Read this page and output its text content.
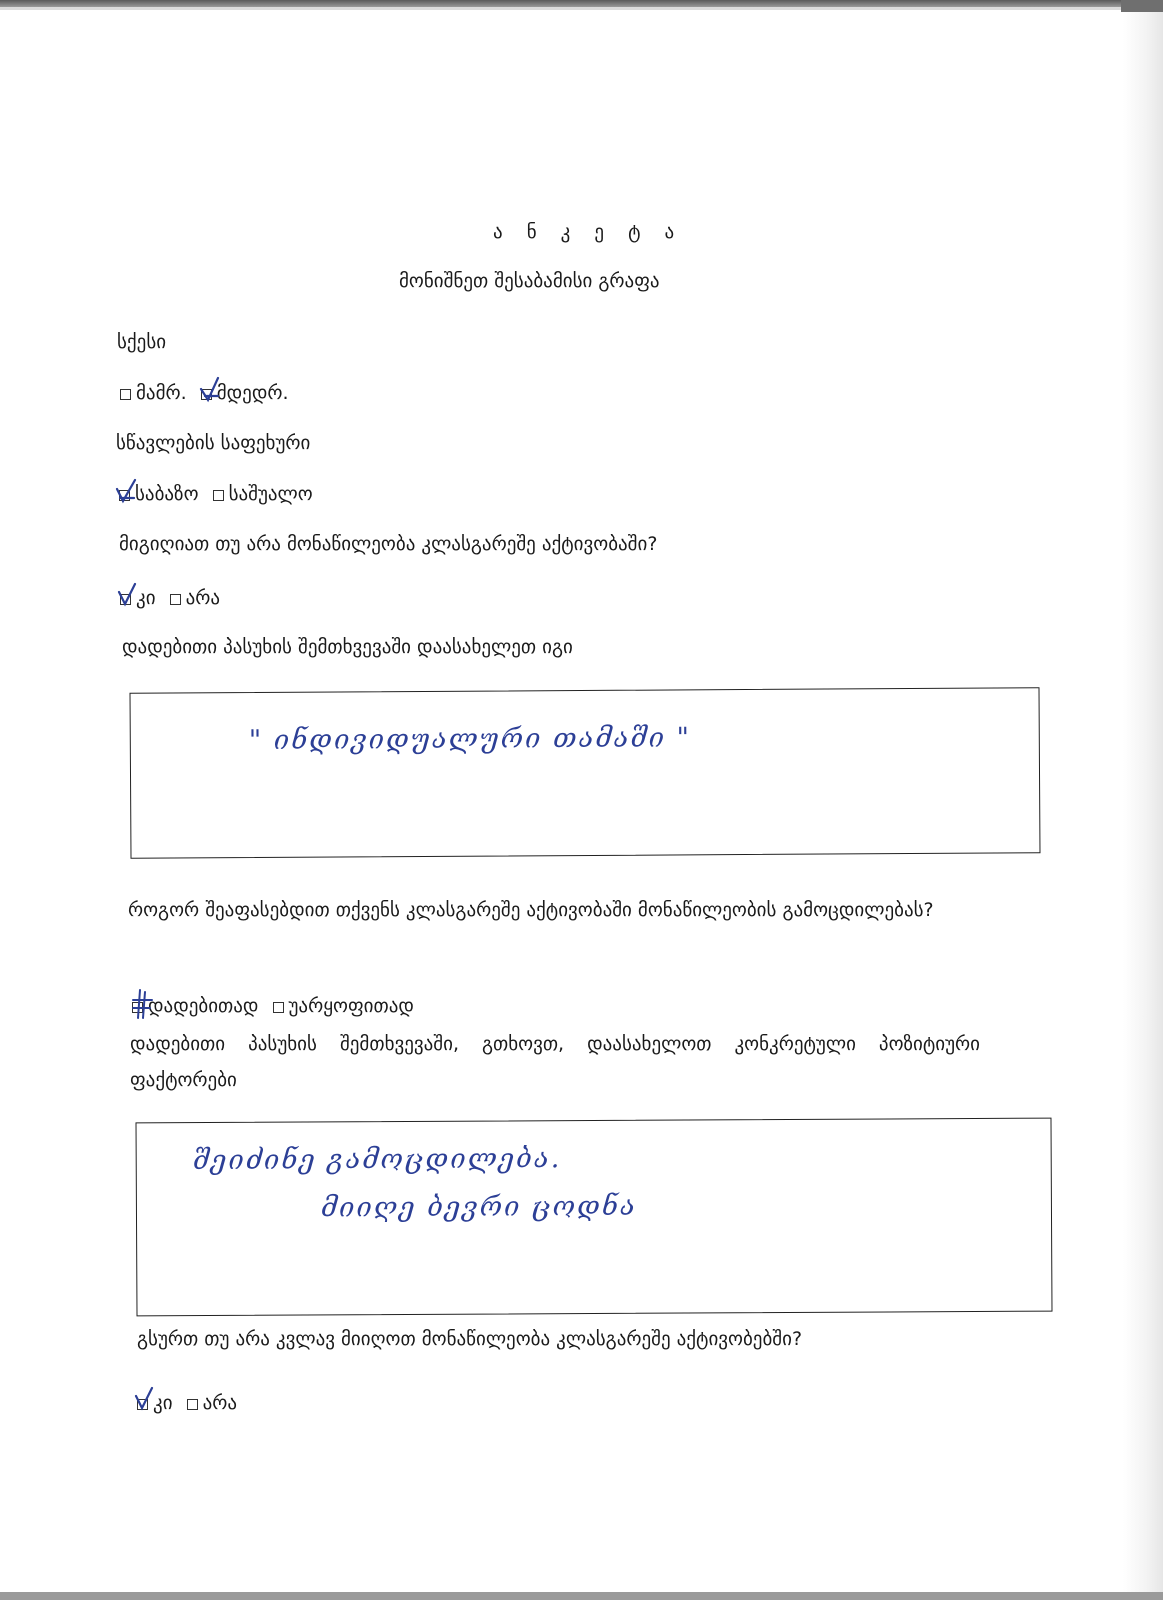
ა ნ კ ე ტ ა
მონიშნეთ შესაბამისი გრაფა
სქესი
მამრ. მდედრ.
სწავლების საფეხური
საბაზო საშუალო
მიგიღიათ თუ არა მონაწილეობა კლასგარეშე აქტივობაში?
კი არა
დადებითი პასუხის შემთხვევაში დაასახელეთ იგი
" ინდივიდუალური თამაში "
როგორ შეაფასებდით თქვენს კლასგარეშე აქტივობაში მონაწილეობის გამოცდილებას?
დადებითად უარყოფითად
დადებითი პასუხის შემთხვევაში, გთხოვთ, დაასახელოთ კონკრეტული პოზიტიური ფაქტორები
შეიძინე გამოცდილება.
მიიღე ბევრი ცოდნა
გსურთ თუ არა კვლავ მიიღოთ მონაწილეობა კლასგარეშე აქტივობებში?
კი არა
